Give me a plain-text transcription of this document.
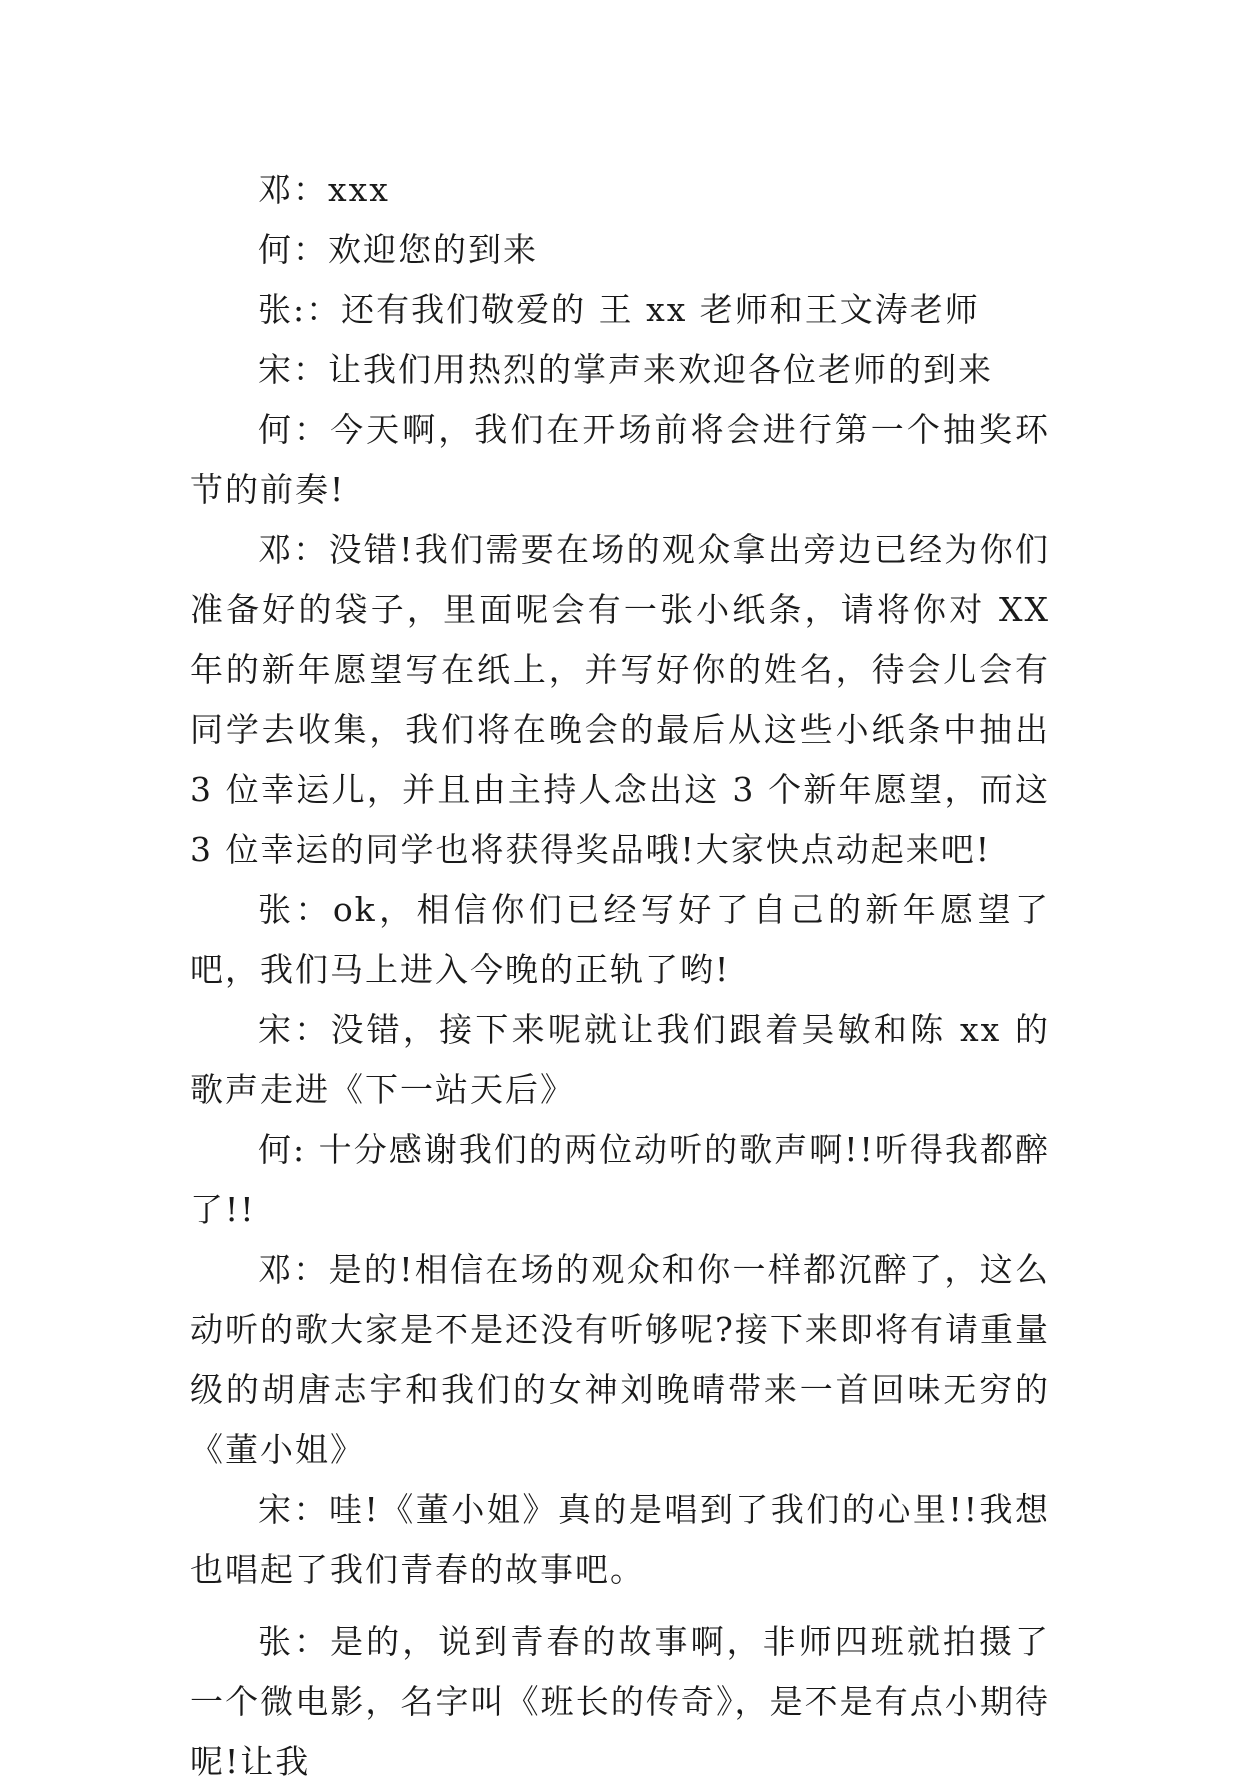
邓：xxx

何：欢迎您的到来

张:：还有我们敬爱的 王 xx 老师和王文涛老师

宋：让我们用热烈的掌声来欢迎各位老师的到来

何：今天啊，我们在开场前将会进行第一个抽奖环节的前奏!

邓：没错!我们需要在场的观众拿出旁边已经为你们准备好的袋子，里面呢会有一张小纸条，请将你对 XX 年的新年愿望写在纸上，并写好你的姓名，待会儿会有同学去收集，我们将在晚会的最后从这些小纸条中抽出 3 位幸运儿，并且由主持人念出这 3 个新年愿望，而这 3 位幸运的同学也将获得奖品哦!大家快点动起来吧!

张：ok，相信你们已经写好了自己的新年愿望了吧，我们马上进入今晚的正轨了哟!

宋：没错，接下来呢就让我们跟着吴敏和陈 xx 的歌声走进《下一站天后》

何: 十分感谢我们的两位动听的歌声啊!!听得我都醉了!!

邓：是的!相信在场的观众和你一样都沉醉了，这么动听的歌大家是不是还没有听够呢?接下来即将有请重量级的胡唐志宇和我们的女神刘晚晴带来一首回味无穷的《董小姐》

宋：哇!《董小姐》真的是唱到了我们的心里!!我想也唱起了我们青春的故事吧。

张：是的，说到青春的故事啊，非师四班就拍摄了一个微电影，名字叫《班长的传奇》，是不是有点小期待呢!让我
